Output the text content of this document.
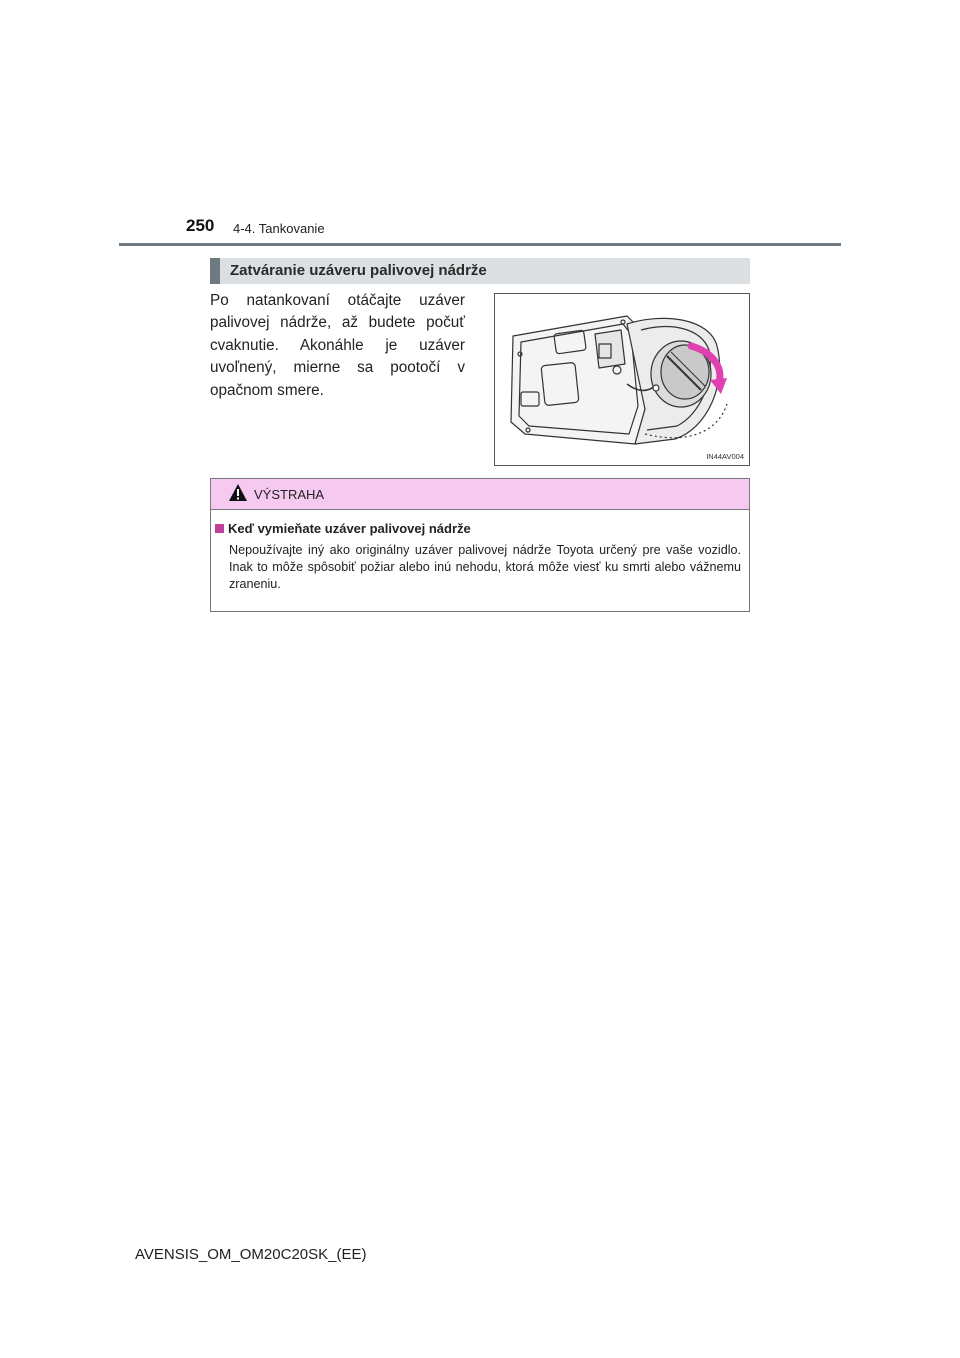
250 4-4. Tankovanie
Zatváranie uzáveru palivovej nádrže
Po natankovaní otáčajte uzáver palivovej nádrže, až budete počuť cvaknutie. Akonáhle je uzáver uvoľnený, mierne sa pootočí v opačnom smere.
IN44AV004
VÝSTRAHA
Keď vymieňate uzáver palivovej nádrže
Nepoužívajte iný ako originálny uzáver palivovej nádrže Toyota určený pre vaše vozidlo. Inak to môže spôsobiť požiar alebo inú nehodu, ktorá môže viesť ku smrti alebo vážnemu zraneniu.
AVENSIS_OM_OM20C20SK_(EE)
